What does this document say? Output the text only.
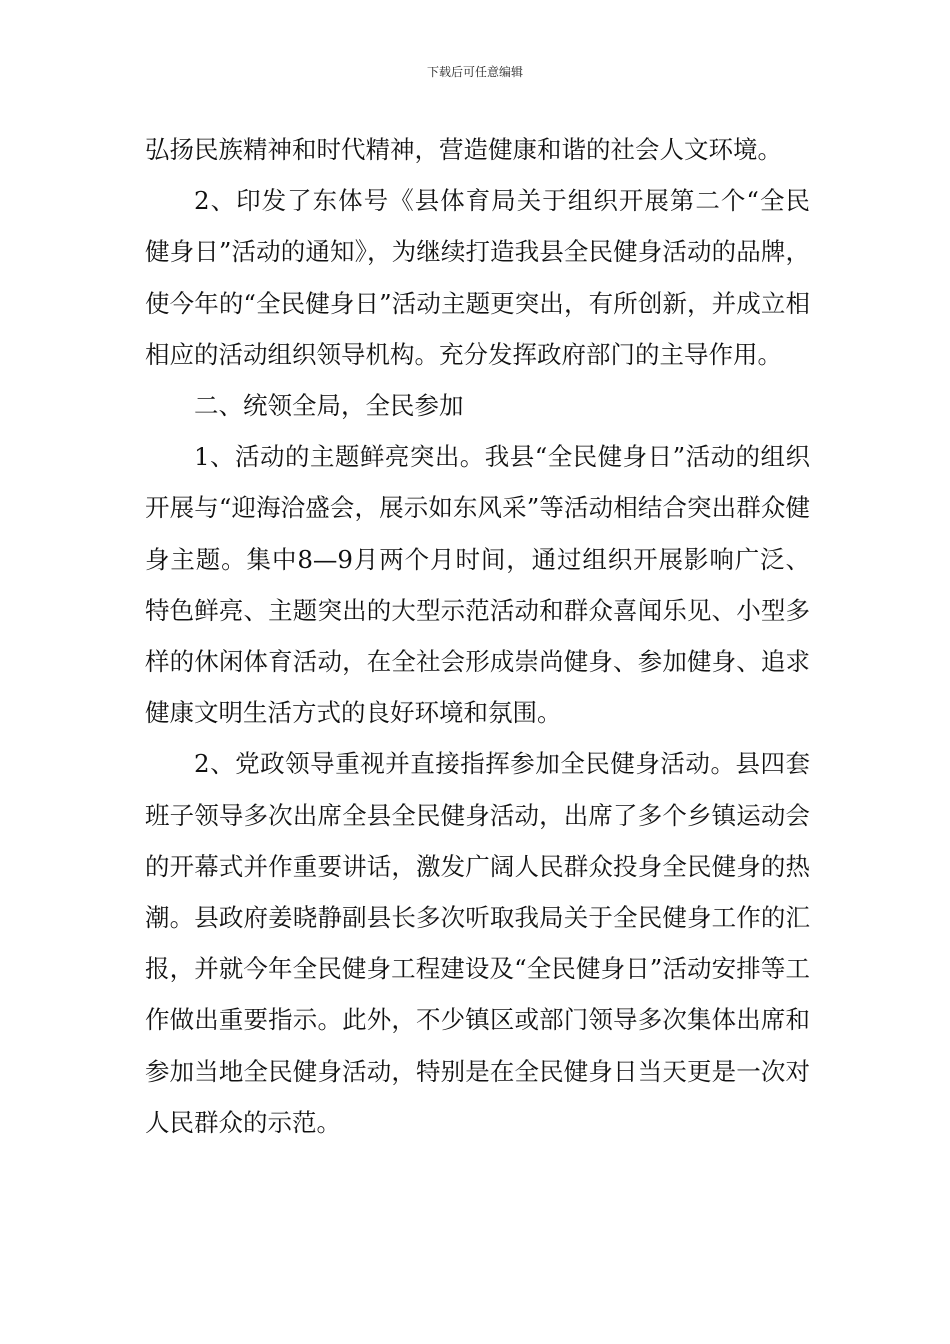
下载后可任意编辑

弘扬民族精神和时代精神，营造健康和谐的社会人文环境。

2、印发了东体号《县体育局关于组织开展第二个“全民健身日”活动的通知》，为继续打造我县全民健身活动的品牌，使今年的“全民健身日”活动主题更突出，有所创新，并成立相相应的活动组织领导机构。充分发挥政府部门的主导作用。

二、统领全局，全民参加

1、活动的主题鲜亮突出。我县“全民健身日”活动的组织开展与“迎海洽盛会，展示如东风采”等活动相结合突出群众健身主题。集中8—9月两个月时间，通过组织开展影响广泛、特色鲜亮、主题突出的大型示范活动和群众喜闻乐见、小型多样的休闲体育活动，在全社会形成崇尚健身、参加健身、追求健康文明生活方式的良好环境和氛围。

2、党政领导重视并直接指挥参加全民健身活动。县四套班子领导多次出席全县全民健身活动，出席了多个乡镇运动会的开幕式并作重要讲话，激发广阔人民群众投身全民健身的热潮。县政府姜晓静副县长多次听取我局关于全民健身工作的汇报，并就今年全民健身工程建设及“全民健身日”活动安排等工作做出重要指示。此外，不少镇区或部门领导多次集体出席和参加当地全民健身活动，特别是在全民健身日当天更是一次对人民群众的示范。
